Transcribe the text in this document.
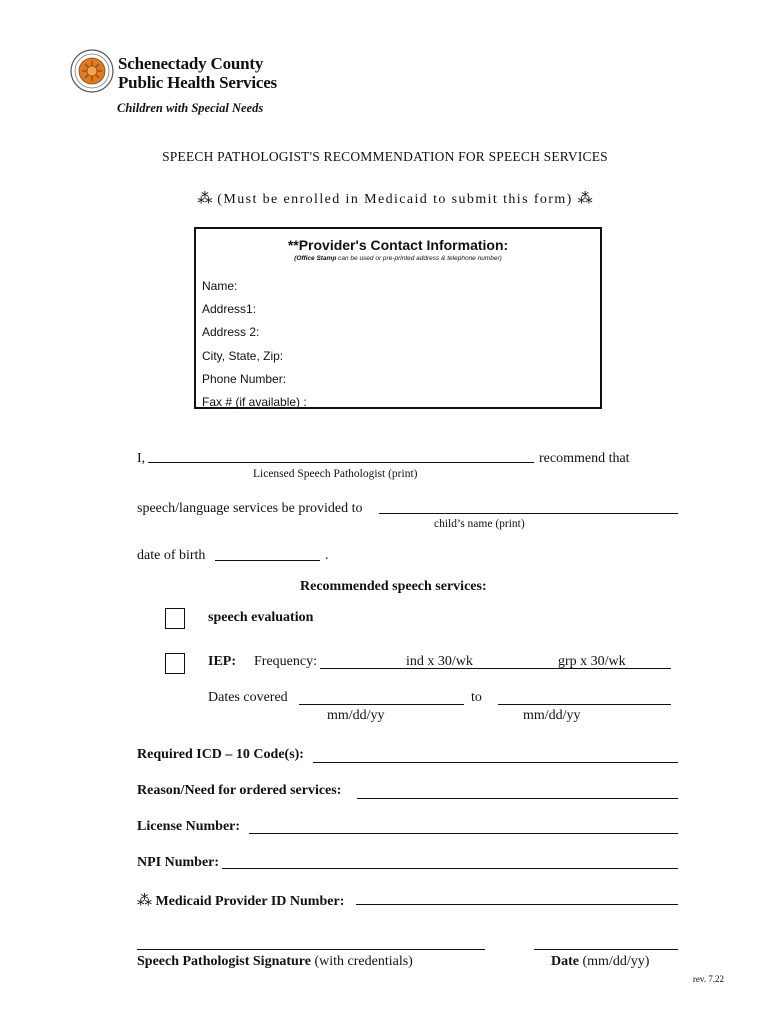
Schenectady County
Public Health Services
Children with Special Needs
SPEECH PATHOLOGIST'S RECOMMENDATION FOR SPEECH SERVICES
⁂ (Must be enrolled in Medicaid to submit this form) ⁂
**Provider's Contact Information:
(Office Stamp can be used or pre-printed address & telephone number)
Name:
Address1:
Address 2:
City, State, Zip:
Phone Number:
Fax # (if available) :
I,	recommend that
Licensed Speech Pathologist (print)
speech/language services be provided to
child’s name (print)
date of birth	.
Recommended speech services:
speech evaluation
IEP: Frequency:	ind x 30/wk	grp x 30/wk
Dates covered	to
mm/dd/yy	mm/dd/yy
Required ICD – 10 Code(s):
Reason/Need for ordered services:
License Number:
NPI Number:
⁂ Medicaid Provider ID Number:
Speech Pathologist Signature (with credentials)	Date (mm/dd/yy)
rev. 7.22
